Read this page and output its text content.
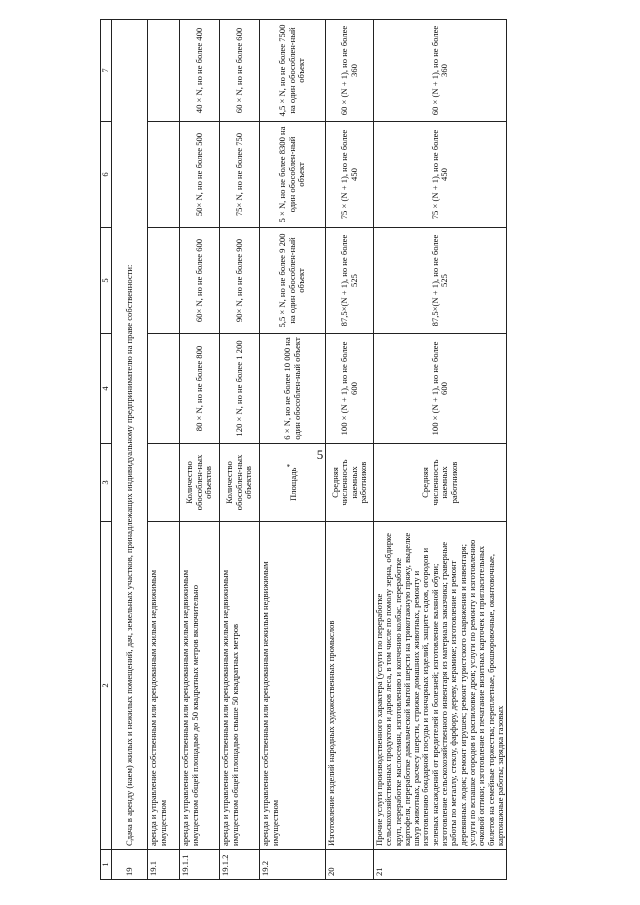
5
1	2	3	4	5	6	7
19	Сдача в аренду (наем) жилых и нежилых помещений, дач, земельных участков, принадлежащих индивидуальному предпринимателю на праве собственности:					
19.1	аренда и управление собственным или арендованным жилым недвижимым имуществом					
19.1.1	аренда и управление собственным или арендованным жилым недвижимым имуществом общей площадью до 50 квадратных метров включительно	Количество обособлен-ных объектов	80 × N, но не более 800	60× N, но не более 600	50× N, но не более 500	40 × N, но не более 400
19.1.2	аренда и управление собственным или арендованным жилым недвижимым имуществом общей площадью свыше 50 квадратных метров	Количество обособлен-ных объектов	120 × N, но не более 1 200	90× N, но не более 900	75× N, но не более 750	60 × N, но не более 600
19.2	аренда и управление собственным или арендованным нежилым недвижимым имуществом	Площадь*	6 × N, но не более 10 000 на один обособлен-ный объект	5,5 × N, но не более 9 200 на один обособлен-ный объект	5 × N, но не более 8300 на один обособлен-ный объект	4,5 × N, но не более 7500 на один обособлен-ный объект
20	Изготовление изделий народных художественных промыслов	Средняя численность наемных работников	100 × (N + 1), но не более 600	87,5×(N + 1), но не более 525	75 × (N + 1), но не более 450	60 × (N + 1), но не более 360
21	Прочие услуги производственного характера (услуги по переработке сельскохозяйственных продуктов и даров леса, в том числе по помолу зерна, обдирке круп, переработке маслосемян, изготовлению и копчению колбас, переработке картофеля, переработке давальческой мытой шерсти на трикотажную пряжу, выделке шкур животных, расчесу шерсти, стрижке домашних животных, ремонту и изготовлению бондарной посуды и гончарных изделий, защите садов, огородов и зеленых насаждений от вредителей и болезней; изготовление валяной обуви; изготовление сельскохозяйственного инвентаря из материала заказчика; граверные работы по металлу, стеклу, фарфору, дереву, керамике; изготовление и ремонт деревянных лодок; ремонт игрушек; ремонт туристского снаряжения и инвентаря; услуги по вспашке огородов и распиловке дров; услуги по ремонту и изготовлению очковой оптики; изготовление и печатание визитных карточек и пригласительных билетов на семейные торжества; переплетные, брошюровочные, окантовочные, картонажные работы; зарядка газовых	Средняя численность наемных работников	100 × (N + 1), но не более 600	87,5×(N + 1), но не более 525	75 × (N + 1), но не более 450	60 × (N + 1), но не более 360
